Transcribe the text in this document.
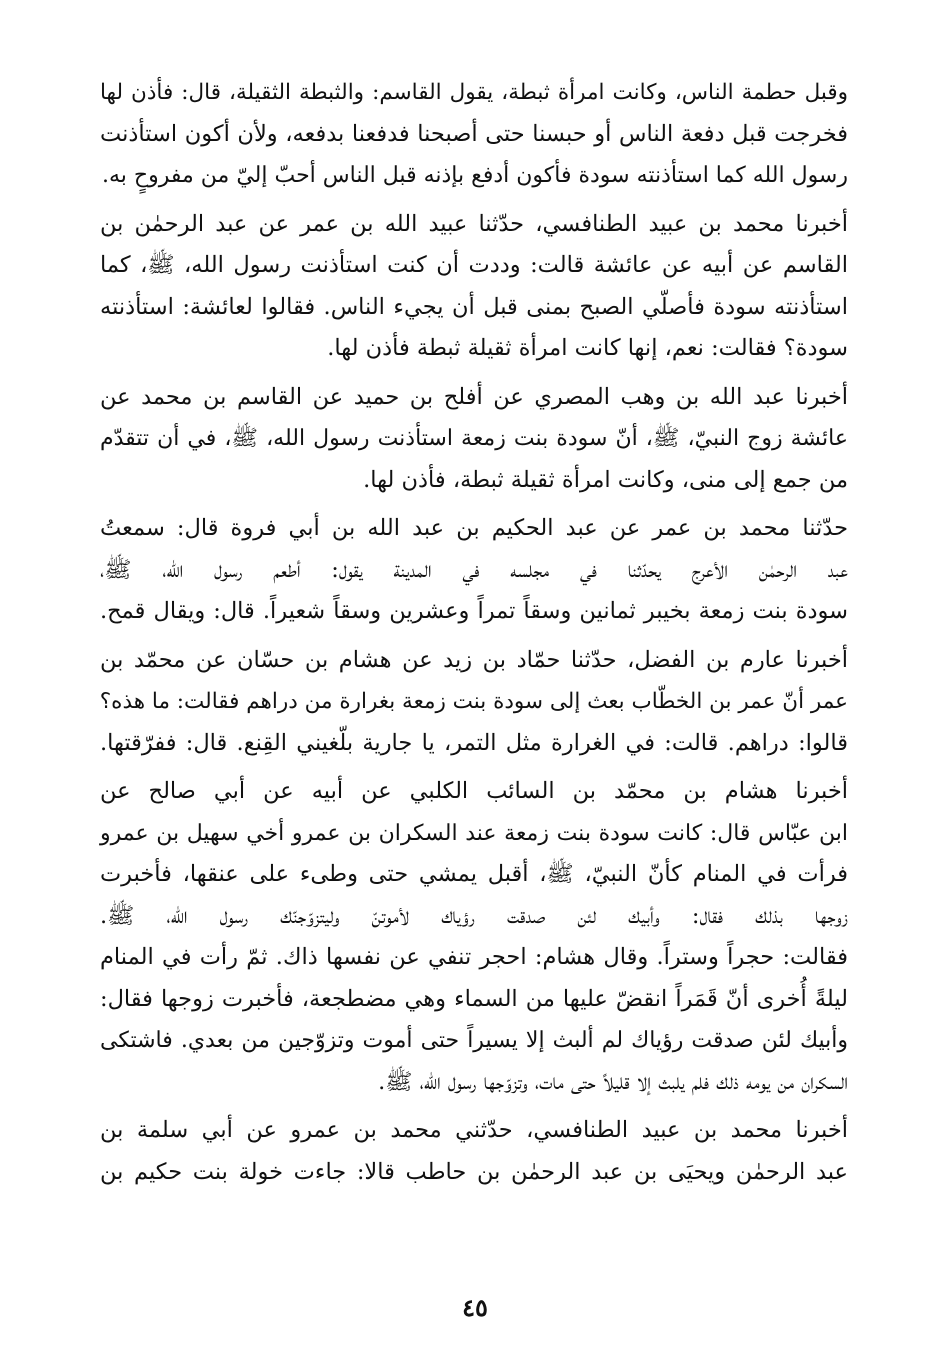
وقبل حطمة الناس، وكانت امرأة ثبطة، يقول القاسم: والثبطة الثقيلة، قال: فأذن لها
فخرجت قبل دفعة الناس أو حبسنا حتى أصبحنا فدفعنا بدفعه، ولأن أكون استأذنت
رسول الله كما استأذنته سودة فأكون أدفع بإذنه قبل الناس أحبّ إليّ من مفروحٍ به.
أخبرنا محمد بن عبيد الطنافسي، حدّثنا عبيد الله بن عمر عن عبد الرحمٰن بن
القاسم عن أبيه عن عائشة قالت: وددت أن كنت استأذنت رسول الله، ﷺ، كما
استأذنته سودة فأصلّي الصبح بمنى قبل أن يجيء الناس. فقالوا لعائشة: استأذنته
سودة؟ فقالت: نعم، إنها كانت امرأة ثقيلة ثبطة فأذن لها.
أخبرنا عبد الله بن وهب المصري عن أفلح بن حميد عن القاسم بن محمد عن
عائشة زوج النبيّ، ﷺ، أنّ سودة بنت زمعة استأذنت رسول الله، ﷺ، في أن تتقدّم
من جمع إلى منى، وكانت امرأة ثقيلة ثبطة، فأذن لها.
حدّثنا محمد بن عمر عن عبد الحكيم بن عبد الله بن أبي فروة قال: سمعتُ
عبد الرحمٰن الأعرج يحدّثنا في مجلسه في المدينة يقول: أطعم رسول الله، ﷺ،
سودة بنت زمعة بخيبر ثمانين وسقاً تمراً وعشرين وسقاً شعيراً. قال: ويقال قمح.
أخبرنا عارم بن الفضل، حدّثنا حمّاد بن زيد عن هشام بن حسّان عن محمّد بن
عمر أنّ عمر بن الخطّاب بعث إلى سودة بنت زمعة بغرارة من دراهم فقالت: ما هذه؟
قالوا: دراهم. قالت: في الغرارة مثل التمر، يا جارية بلّغيني القِنع. قال: ففرّقتها.
أخبرنا هشام بن محمّد بن السائب الكلبي عن أبيه عن أبي صالح عن
ابن عبّاس قال: كانت سودة بنت زمعة عند السكران بن عمرو أخي سهيل بن عمرو
فرأت في المنام كأنّ النبيّ، ﷺ، أقبل يمشي حتى وطىء على عنقها، فأخبرت
زوجها بذلك فقال: وأبيك لئن صدقت رؤياك لأموتنّ وليتزوّجنّك رسول الله، ﷺ.
فقالت: حجراً وستراً. وقال هشام: احجر تنفي عن نفسها ذاك. ثمّ رأت في المنام
ليلةً أُخرى أنّ قَمَراً انقضّ عليها من السماء وهي مضطجعة، فأخبرت زوجها فقال:
وأبيك لئن صدقت رؤياك لم ألبث إلا يسيراً حتى أموت وتزوّجين من بعدي. فاشتكى
السكران من يومه ذلك فلم يلبث إلا قليلاً حتى مات، وتزوّجها رسول الله، ﷺ.
أخبرنا محمد بن عبيد الطنافسي، حدّثني محمد بن عمرو عن أبي سلمة بن
عبد الرحمٰن ويحيَى بن عبد الرحمٰن بن حاطب قالا: جاءت خولة بنت حكيم بن
٤٥
